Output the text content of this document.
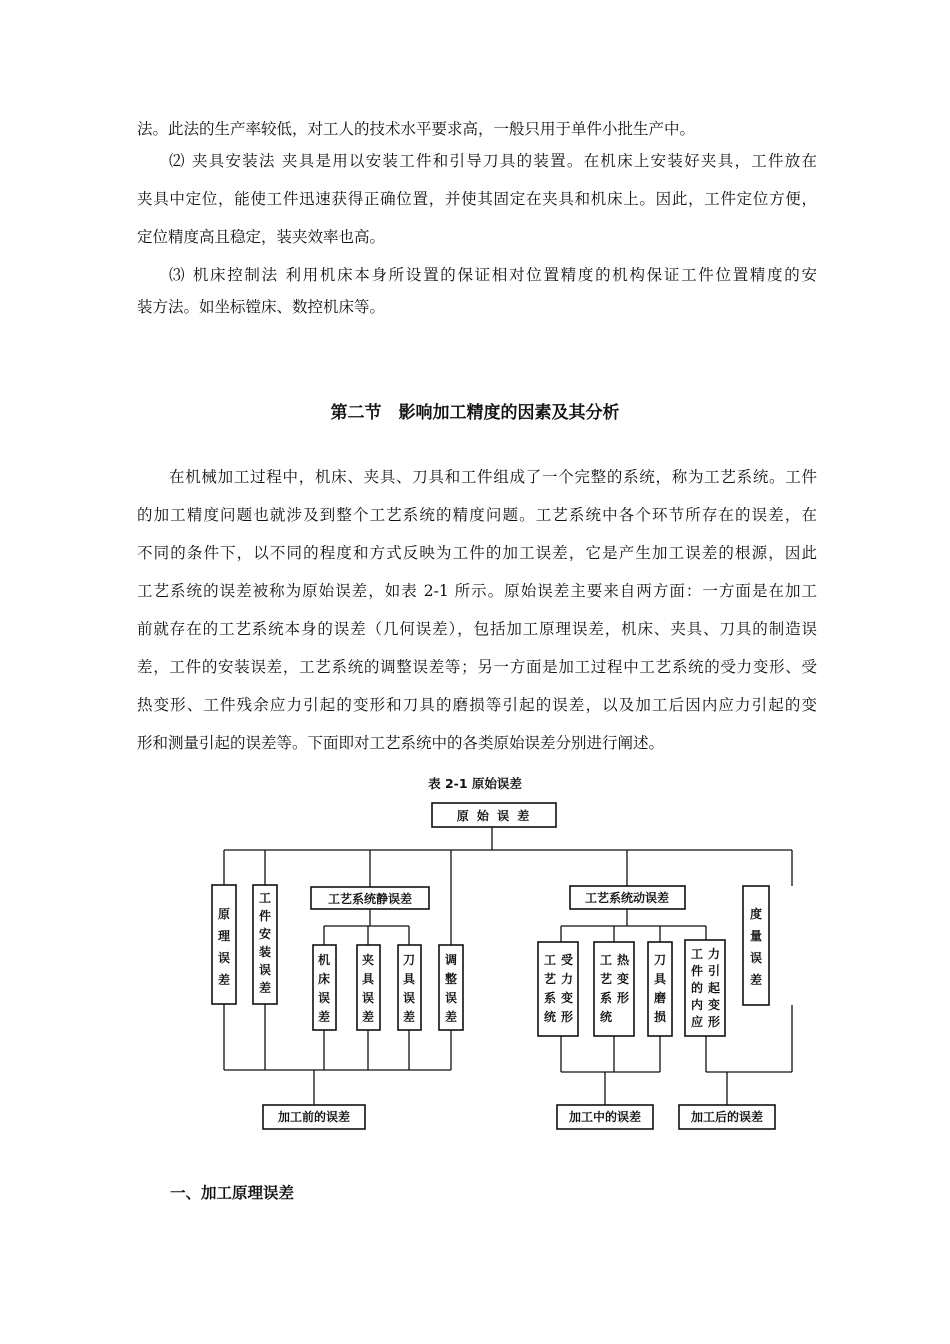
法。此法的生产率较低，对工人的技术水平要求高，一般只用于单件小批生产中。
⑵ 夹具安装法 夹具是用以安装工件和引导刀具的装置。在机床上安装好夹具，工件放在
夹具中定位，能使工件迅速获得正确位置，并使其固定在夹具和机床上。因此，工件定位方便，
定位精度高且稳定，装夹效率也高。
⑶ 机床控制法 利用机床本身所设置的保证相对位置精度的机构保证工件位置精度的安
装方法。如坐标镗床、数控机床等。
第二节　影响加工精度的因素及其分析
在机械加工过程中，机床、夹具、刀具和工件组成了一个完整的系统，称为工艺系统。工件
的加工精度问题也就涉及到整个工艺系统的精度问题。工艺系统中各个环节所存在的误差，在
不同的条件下，以不同的程度和方式反映为工件的加工误差，它是产生加工误差的根源，因此
工艺系统的误差被称为原始误差，如表 2-1 所示。原始误差主要来自两方面：一方面是在加工
前就存在的工艺系统本身的误差（几何误差），包括加工原理误差，机床、夹具、刀具的制造误
差，工件的安装误差，工艺系统的调整误差等；另一方面是加工过程中工艺系统的受力变形、受
热变形、工件残余应力引起的变形和刀具的磨损等引起的误差，以及加工后因内应力引起的变
形和测量引起的误差等。下面即对工艺系统中的各类原始误差分别进行阐述。
表 2-1 原始误差
原 始 误 差
工艺系统静误差	工艺系统动误差
原
理
误
差
工
件
安
装
误
差
机
床
误
差
夹
具
误
差
刀
具
误
差
调
整
误
差
工 受
艺 力
系 变
统 形
工 热
艺 变
系 形
统
刀
具
磨
损
工 力
件 引
的 起
内 变
应 形
度
量
误
差
加工前的误差	加工中的误差	加工后的误差
一、加工原理误差
